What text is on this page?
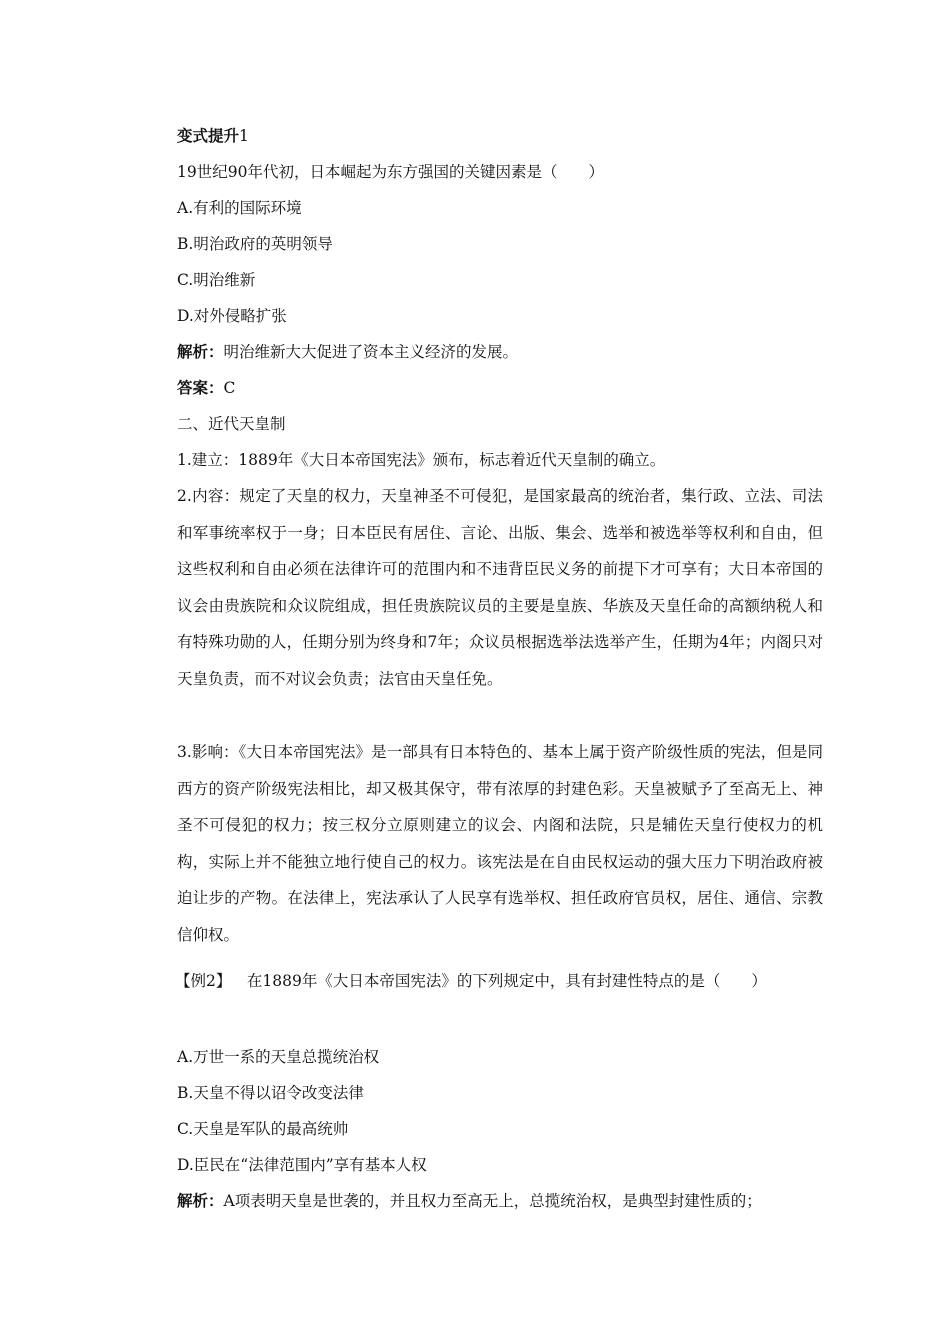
变式提升1
19世纪90年代初，日本崛起为东方强国的关键因素是（　　）
A.有利的国际环境
B.明治政府的英明领导
C.明治维新
D.对外侵略扩张
解析：明治维新大大促进了资本主义经济的发展。
答案：C
二、近代天皇制
1.建立：1889年《大日本帝国宪法》颁布，标志着近代天皇制的确立。
2.内容：规定了天皇的权力，天皇神圣不可侵犯，是国家最高的统治者，集行政、立法、司法和军事统率权于一身；日本臣民有居住、言论、出版、集会、选举和被选举等权利和自由，但这些权利和自由必须在法律许可的范围内和不违背臣民义务的前提下才可享有；大日本帝国的议会由贵族院和众议院组成，担任贵族院议员的主要是皇族、华族及天皇任命的高额纳税人和有特殊功勋的人，任期分别为终身和7年；众议员根据选举法选举产生，任期为4年；内阁只对天皇负责，而不对议会负责；法官由天皇任免。
3.影响：《大日本帝国宪法》是一部具有日本特色的、基本上属于资产阶级性质的宪法，但是同西方的资产阶级宪法相比，却又极其保守，带有浓厚的封建色彩。天皇被赋予了至高无上、神圣不可侵犯的权力；按三权分立原则建立的议会、内阁和法院，只是辅佐天皇行使权力的机构，实际上并不能独立地行使自己的权力。该宪法是在自由民权运动的强大压力下明治政府被迫让步的产物。在法律上，宪法承认了人民享有选举权、担任政府官员权，居住、通信、宗教信仰权。
【例2】  在1889年《大日本帝国宪法》的下列规定中，具有封建性特点的是（　　）
A.万世一系的天皇总揽统治权
B.天皇不得以诏令改变法律
C.天皇是军队的最高统帅
D.臣民在“法律范围内”享有基本人权
解析：A项表明天皇是世袭的，并且权力至高无上，总揽统治权，是典型封建性质的；
